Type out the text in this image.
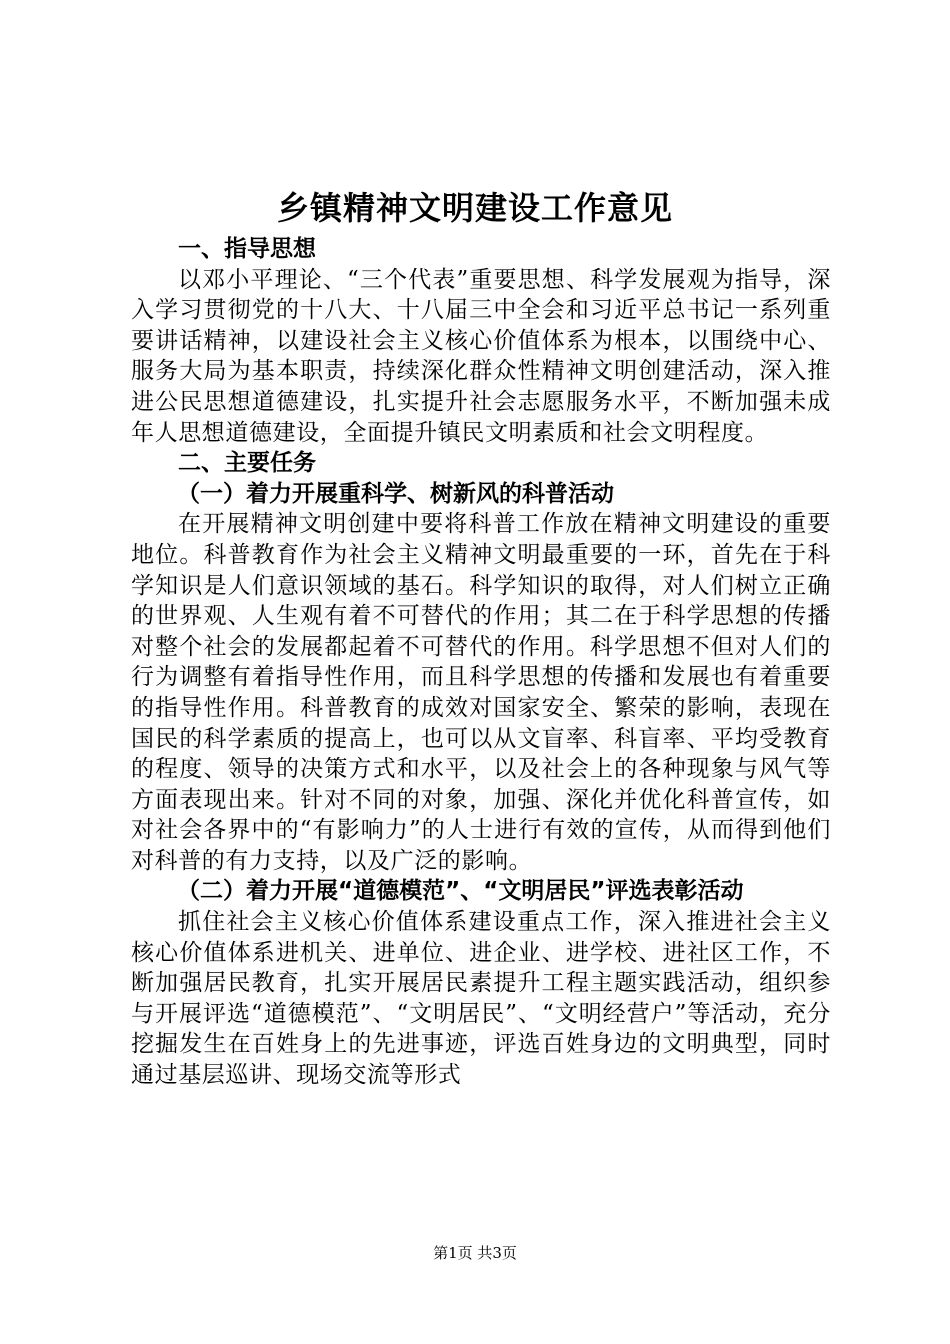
乡镇精神文明建设工作意见
一、指导思想

以邓小平理论、“三个代表”重要思想、科学发展观为指导，深入学习贯彻党的十八大、十八届三中全会和习近平总书记一系列重要讲话精神，以建设社会主义核心价值体系为根本，以围绕中心、服务大局为基本职责，持续深化群众性精神文明创建活动，深入推进公民思想道德建设，扎实提升社会志愿服务水平，不断加强未成年人思想道德建设，全面提升镇民文明素质和社会文明程度。

二、主要任务
（一）着力开展重科学、树新风的科普活动

在开展精神文明创建中要将科普工作放在精神文明建设的重要地位。科普教育作为社会主义精神文明最重要的一环，首先在于科学知识是人们意识领域的基石。科学知识的取得，对人们树立正确的世界观、人生观有着不可替代的作用；其二在于科学思想的传播对整个社会的发展都起着不可替代的作用。科学思想不但对人们的行为调整有着指导性作用，而且科学思想的传播和发展也有着重要的指导性作用。科普教育的成效对国家安全、繁荣的影响，表现在国民的科学素质的提高上，也可以从文盲率、科盲率、平均受教育的程度、领导的决策方式和水平，以及社会上的各种现象与风气等方面表现出来。针对不同的对象，加强、深化并优化科普宣传，如对社会各界中的“有影响力”的人士进行有效的宣传，从而得到他们对科普的有力支持，以及广泛的影响。

（二）着力开展“道德模范”、“文明居民”评选表彰活动

抓住社会主义核心价值体系建设重点工作，深入推进社会主义核心价值体系进机关、进单位、进企业、进学校、进社区工作，不断加强居民教育，扎实开展居民素提升工程主题实践活动，组织参与开展评选“道德模范”、“文明居民”、“文明经营户”等活动，充分挖掘发生在百姓身上的先进事迹，评选百姓身边的文明典型，同时通过基层巡讲、现场交流等形式

第1页 共3页
